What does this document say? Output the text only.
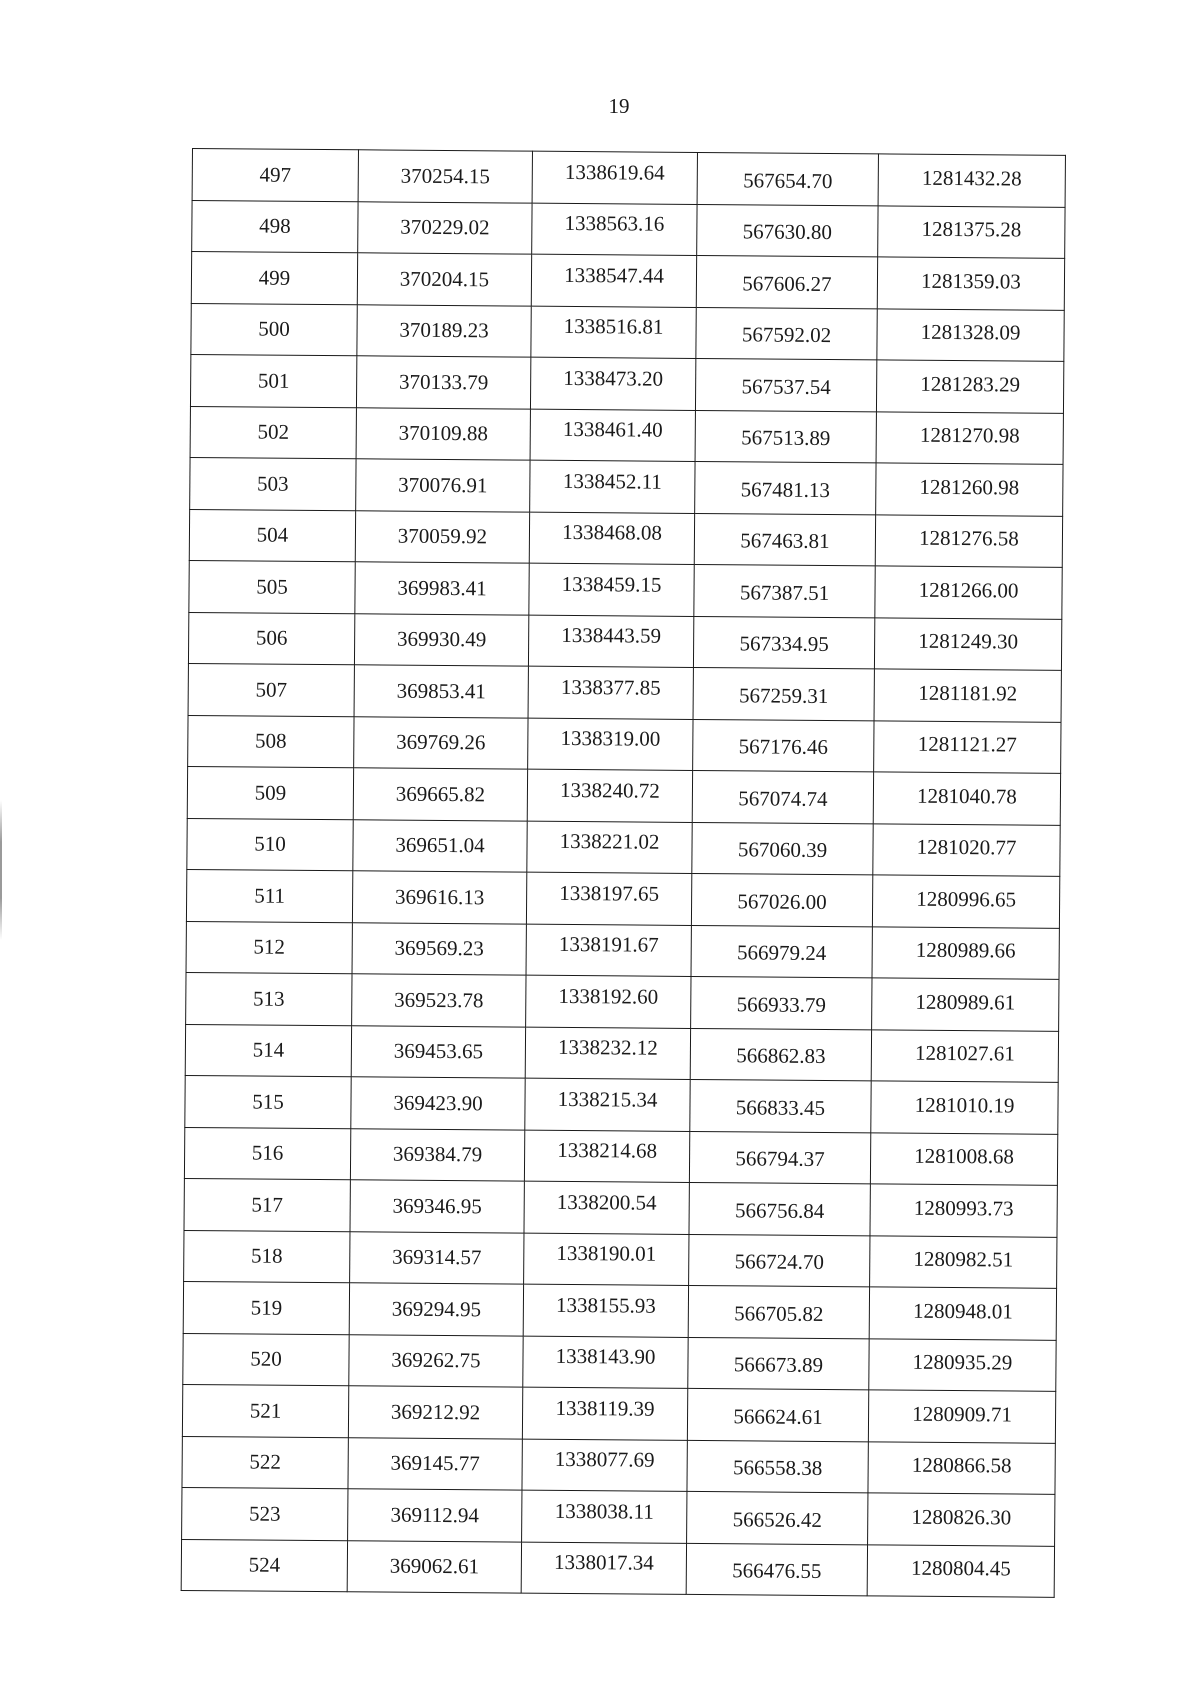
19
497	370254.15	1338619.64	567654.70	1281432.28
498	370229.02	1338563.16	567630.80	1281375.28
499	370204.15	1338547.44	567606.27	1281359.03
500	370189.23	1338516.81	567592.02	1281328.09
501	370133.79	1338473.20	567537.54	1281283.29
502	370109.88	1338461.40	567513.89	1281270.98
503	370076.91	1338452.11	567481.13	1281260.98
504	370059.92	1338468.08	567463.81	1281276.58
505	369983.41	1338459.15	567387.51	1281266.00
506	369930.49	1338443.59	567334.95	1281249.30
507	369853.41	1338377.85	567259.31	1281181.92
508	369769.26	1338319.00	567176.46	1281121.27
509	369665.82	1338240.72	567074.74	1281040.78
510	369651.04	1338221.02	567060.39	1281020.77
511	369616.13	1338197.65	567026.00	1280996.65
512	369569.23	1338191.67	566979.24	1280989.66
513	369523.78	1338192.60	566933.79	1280989.61
514	369453.65	1338232.12	566862.83	1281027.61
515	369423.90	1338215.34	566833.45	1281010.19
516	369384.79	1338214.68	566794.37	1281008.68
517	369346.95	1338200.54	566756.84	1280993.73
518	369314.57	1338190.01	566724.70	1280982.51
519	369294.95	1338155.93	566705.82	1280948.01
520	369262.75	1338143.90	566673.89	1280935.29
521	369212.92	1338119.39	566624.61	1280909.71
522	369145.77	1338077.69	566558.38	1280866.58
523	369112.94	1338038.11	566526.42	1280826.30
524	369062.61	1338017.34	566476.55	1280804.45
